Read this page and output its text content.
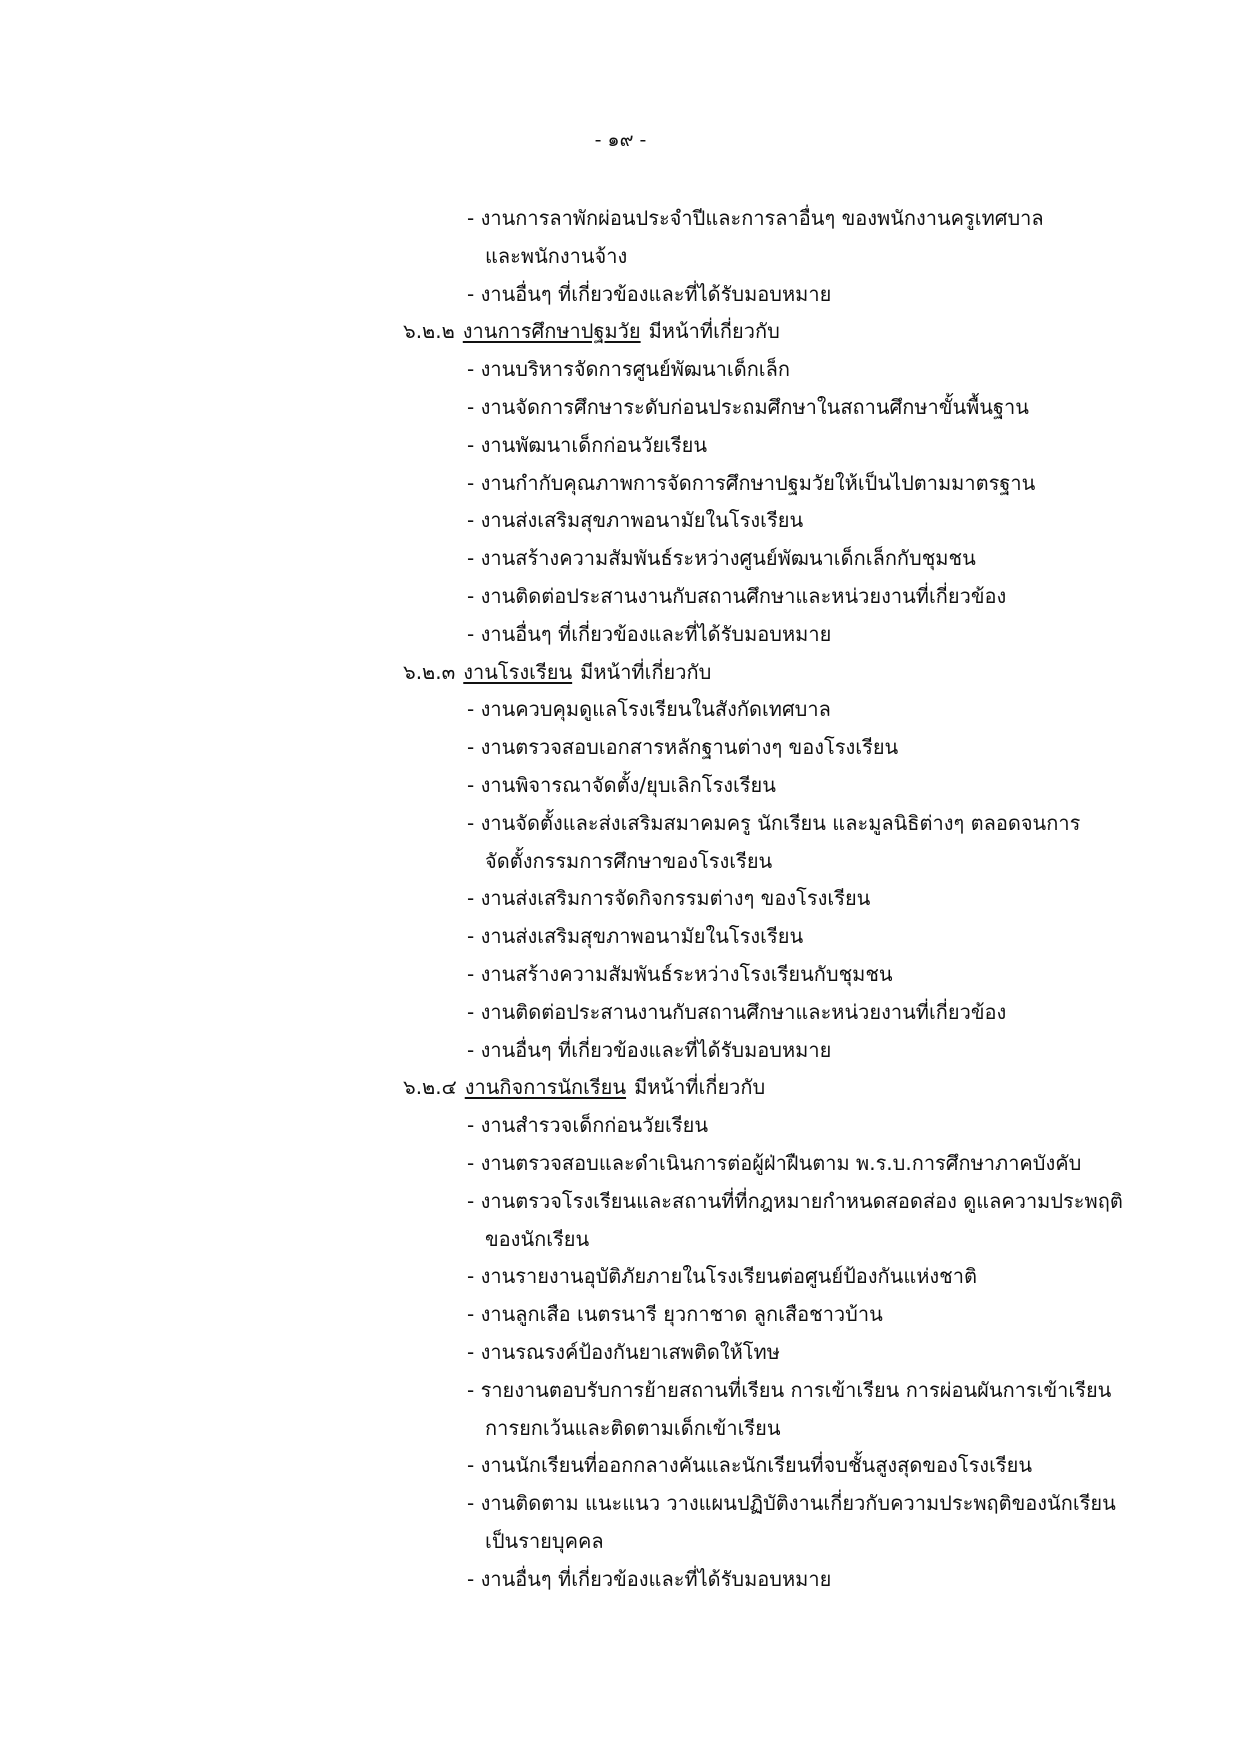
- ๑๙ -
- งานการลาพักผ่อนประจำปีและการลาอื่นๆ ของพนักงานครูเทศบาล
และพนักงานจ้าง
- งานอื่นๆ ที่เกี่ยวข้องและที่ได้รับมอบหมาย
๖.๒.๒ งานการศึกษาปฐมวัย มีหน้าที่เกี่ยวกับ
- งานบริหารจัดการศูนย์พัฒนาเด็กเล็ก
- งานจัดการศึกษาระดับก่อนประถมศึกษาในสถานศึกษาขั้นพื้นฐาน
- งานพัฒนาเด็กก่อนวัยเรียน
- งานกำกับคุณภาพการจัดการศึกษาปฐมวัยให้เป็นไปตามมาตรฐาน
- งานส่งเสริมสุขภาพอนามัยในโรงเรียน
- งานสร้างความสัมพันธ์ระหว่างศูนย์พัฒนาเด็กเล็กกับชุมชน
- งานติดต่อประสานงานกับสถานศึกษาและหน่วยงานที่เกี่ยวข้อง
- งานอื่นๆ ที่เกี่ยวข้องและที่ได้รับมอบหมาย
๖.๒.๓ งานโรงเรียน มีหน้าที่เกี่ยวกับ
- งานควบคุมดูแลโรงเรียนในสังกัดเทศบาล
- งานตรวจสอบเอกสารหลักฐานต่างๆ ของโรงเรียน
- งานพิจารณาจัดตั้ง/ยุบเลิกโรงเรียน
- งานจัดตั้งและส่งเสริมสมาคมครู นักเรียน และมูลนิธิต่างๆ ตลอดจนการ
จัดตั้งกรรมการศึกษาของโรงเรียน
- งานส่งเสริมการจัดกิจกรรมต่างๆ ของโรงเรียน
- งานส่งเสริมสุขภาพอนามัยในโรงเรียน
- งานสร้างความสัมพันธ์ระหว่างโรงเรียนกับชุมชน
- งานติดต่อประสานงานกับสถานศึกษาและหน่วยงานที่เกี่ยวข้อง
- งานอื่นๆ ที่เกี่ยวข้องและที่ได้รับมอบหมาย
๖.๒.๔ งานกิจการนักเรียน มีหน้าที่เกี่ยวกับ
- งานสำรวจเด็กก่อนวัยเรียน
- งานตรวจสอบและดำเนินการต่อผู้ฝ่าฝืนตาม พ.ร.บ.การศึกษาภาคบังคับ
- งานตรวจโรงเรียนและสถานที่ที่กฎหมายกำหนดสอดส่อง ดูแลความประพฤติ
ของนักเรียน
- งานรายงานอุบัติภัยภายในโรงเรียนต่อศูนย์ป้องกันแห่งชาติ
- งานลูกเสือ เนตรนารี ยุวกาชาด ลูกเสือชาวบ้าน
- งานรณรงค์ป้องกันยาเสพติดให้โทษ
- รายงานตอบรับการย้ายสถานที่เรียน การเข้าเรียน การผ่อนผันการเข้าเรียน
การยกเว้นและติดตามเด็กเข้าเรียน
- งานนักเรียนที่ออกกลางคันและนักเรียนที่จบชั้นสูงสุดของโรงเรียน
- งานติดตาม แนะแนว วางแผนปฏิบัติงานเกี่ยวกับความประพฤติของนักเรียน
เป็นรายบุคคล
- งานอื่นๆ ที่เกี่ยวข้องและที่ได้รับมอบหมาย
